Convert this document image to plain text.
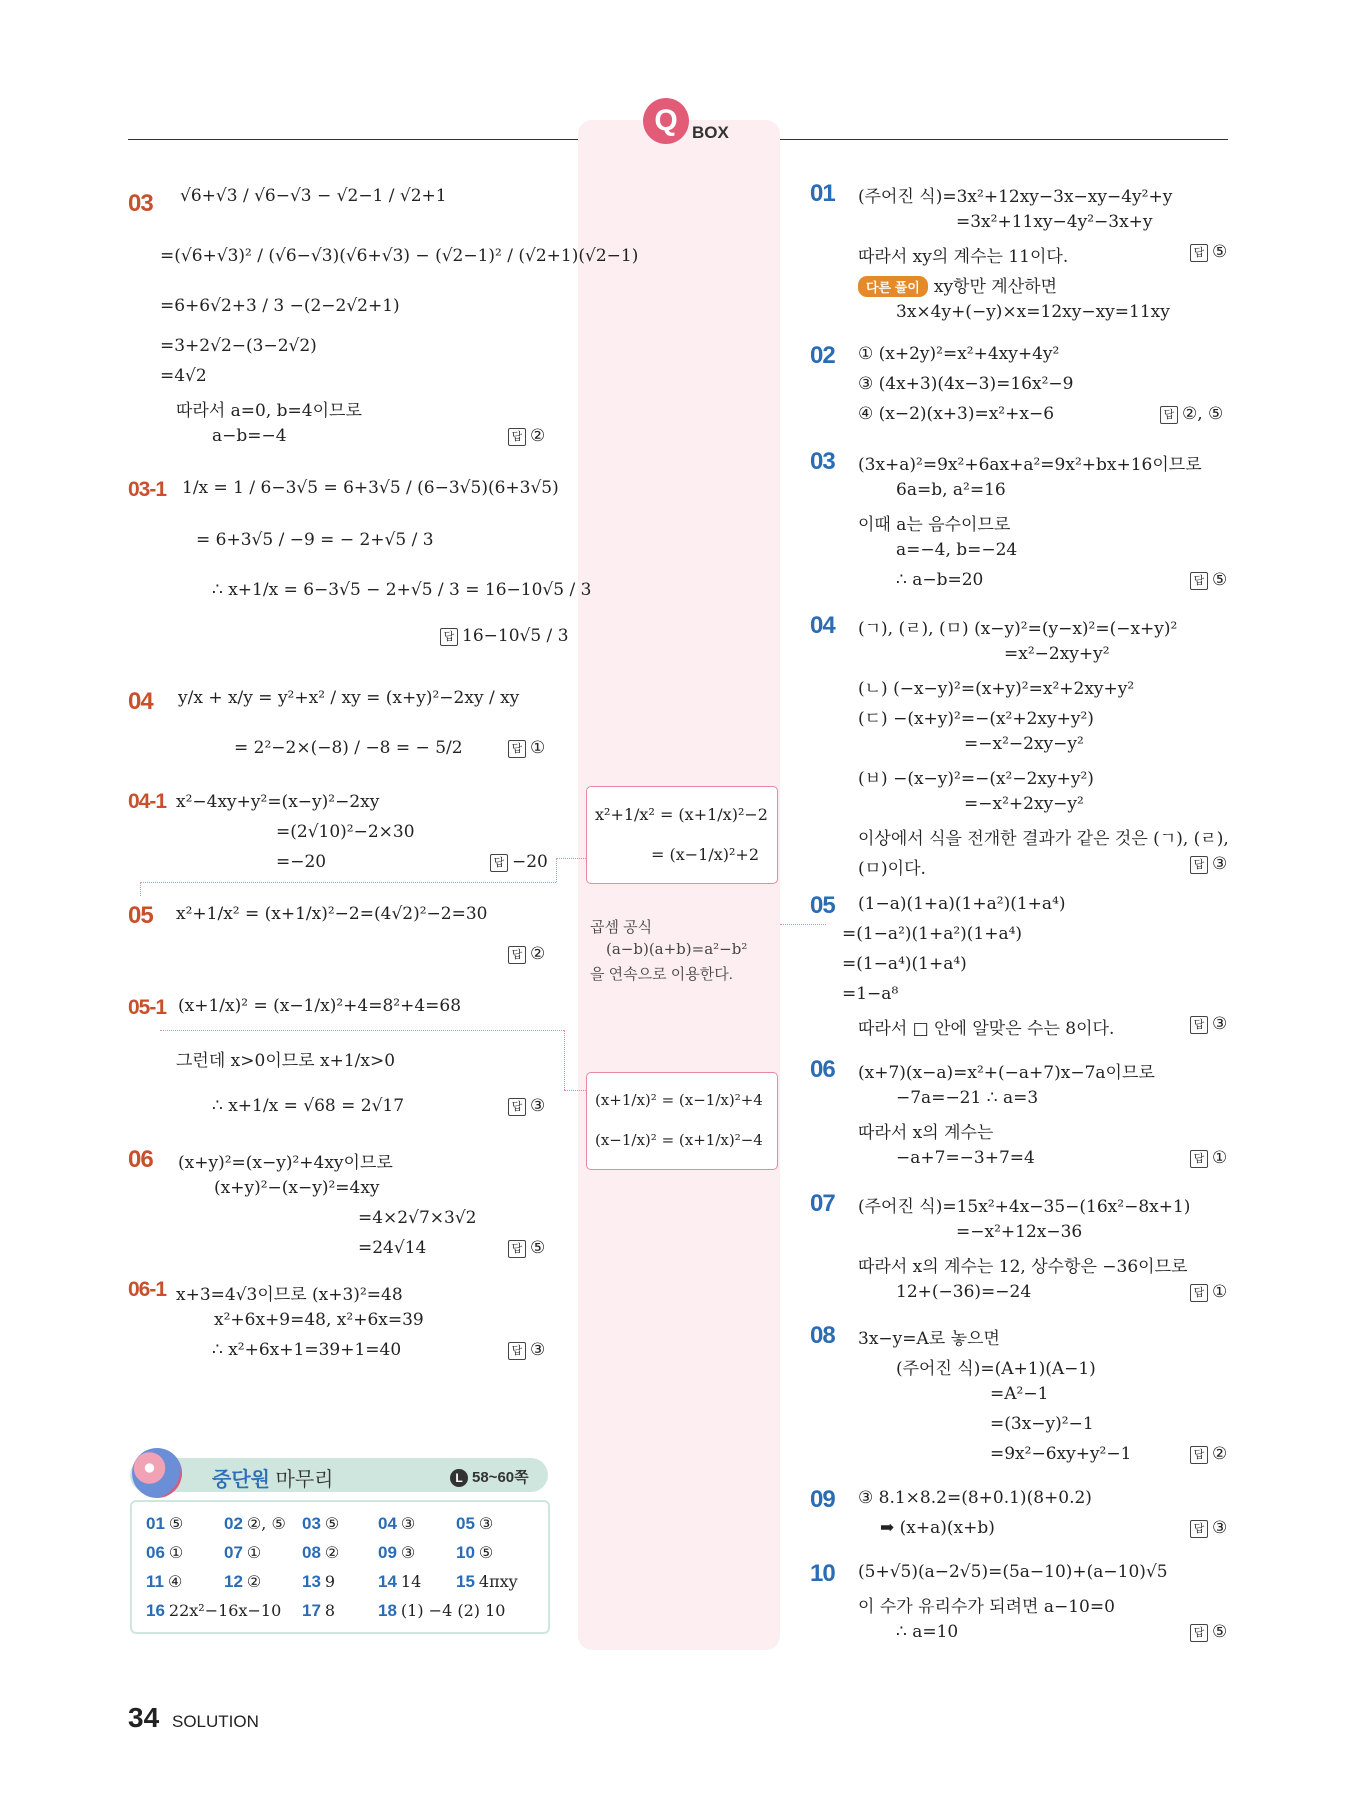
Q BOX
03 √6+√3 / √6−√3 − √2−1 / √2+1
=(√6+√3)² / (√6−√3)(√6+√3) − (√2−1)² / (√2+1)(√2−1)
=6+6√2+3 / 3 −(2−2√2+1)
=3+2√2−(3−2√2)
=4√2
따라서 a=0, b=4이므로
a−b=−4	답 ②
03-1 1/x = 1 / 6−3√5 = 6+3√5 / (6−3√5)(6+3√5)
= 6+3√5 / −9 = − 2+√5 / 3
∴ x+1/x = 6−3√5 − 2+√5 / 3 = 16−10√5 / 3
답 16−10√5 / 3
04 y/x + x/y = y²+x² / xy = (x+y)²−2xy / xy
= 2²−2×(−8) / −8 = − 5/2	답 ①
04-1 x²−4xy+y²=(x−y)²−2xy
=(2√10)²−2×30
=−20	답 −20
05 x²+1/x² = (x+1/x)²−2=(4√2)²−2=30
답 ②
05-1 (x+1/x)² = (x−1/x)²+4=8²+4=68
그런데 x>0이므로 x+1/x>0
∴ x+1/x = √68 = 2√17	답 ③
06 (x+y)²=(x−y)²+4xy이므로
(x+y)²−(x−y)²=4xy
=4×2√7×3√2
=24√14	답 ⑤
06-1 x+3=4√3이므로 (x+3)²=48
x²+6x+9=48, x²+6x=39
∴ x²+6x+1=39+1=40	답 ③
중단원 마무리	L 58~60쪽
01 ⑤ 02 ②, ⑤ 03 ⑤ 04 ③ 05 ③
06 ① 07 ① 08 ② 09 ③ 10 ⑤
11 ④ 12 ② 13 9	14 14 15 4πxy
16 22x²−16x−10 17 8	18 (1) −4 (2) 10
x²+1/x² = (x+1/x)²−2
= (x−1/x)²+2
곱셈 공식
(a−b)(a+b)=a²−b²
을 연속으로 이용한다.
(x+1/x)² = (x−1/x)²+4
(x−1/x)² = (x+1/x)²−4
01 (주어진 식)=3x²+12xy−3x−xy−4y²+y
=3x²+11xy−4y²−3x+y
따라서 xy의 계수는 11이다.	답 ⑤
다른 풀이 xy항만 계산하면
3x×4y+(−y)×x=12xy−xy=11xy
02 ① (x+2y)²=x²+4xy+4y²
③ (4x+3)(4x−3)=16x²−9
④ (x−2)(x+3)=x²+x−6	답 ②, ⑤
03 (3x+a)²=9x²+6ax+a²=9x²+bx+16이므로
6a=b, a²=16
이때 a는 음수이므로
a=−4, b=−24
∴ a−b=20	답 ⑤
04 (ㄱ), (ㄹ), (ㅁ) (x−y)²=(y−x)²=(−x+y)²
=x²−2xy+y²
(ㄴ) (−x−y)²=(x+y)²=x²+2xy+y²
(ㄷ) −(x+y)²=−(x²+2xy+y²)
=−x²−2xy−y²
(ㅂ) −(x−y)²=−(x²−2xy+y²)
=−x²+2xy−y²
이상에서 식을 전개한 결과가 같은 것은 (ㄱ), (ㄹ),
(ㅁ)이다.	답 ③
05 (1−a)(1+a)(1+a²)(1+a⁴)
=(1−a²)(1+a²)(1+a⁴)
=(1−a⁴)(1+a⁴)
=1−a⁸
따라서 □ 안에 알맞은 수는 8이다.	답 ③
06 (x+7)(x−a)=x²+(−a+7)x−7a이므로
−7a=−21 ∴ a=3
따라서 x의 계수는
−a+7=−3+7=4	답 ①
07 (주어진 식)=15x²+4x−35−(16x²−8x+1)
=−x²+12x−36
따라서 x의 계수는 12, 상수항은 −36이므로
12+(−36)=−24	답 ①
08 3x−y=A로 놓으면
(주어진 식)=(A+1)(A−1)
=A²−1
=(3x−y)²−1
=9x²−6xy+y²−1	답 ②
09 ③ 8.1×8.2=(8+0.1)(8+0.2)
➡ (x+a)(x+b)	답 ③
10 (5+√5)(a−2√5)=(5a−10)+(a−10)√5
이 수가 유리수가 되려면 a−10=0
∴ a=10	답 ⑤
34 SOLUTION
